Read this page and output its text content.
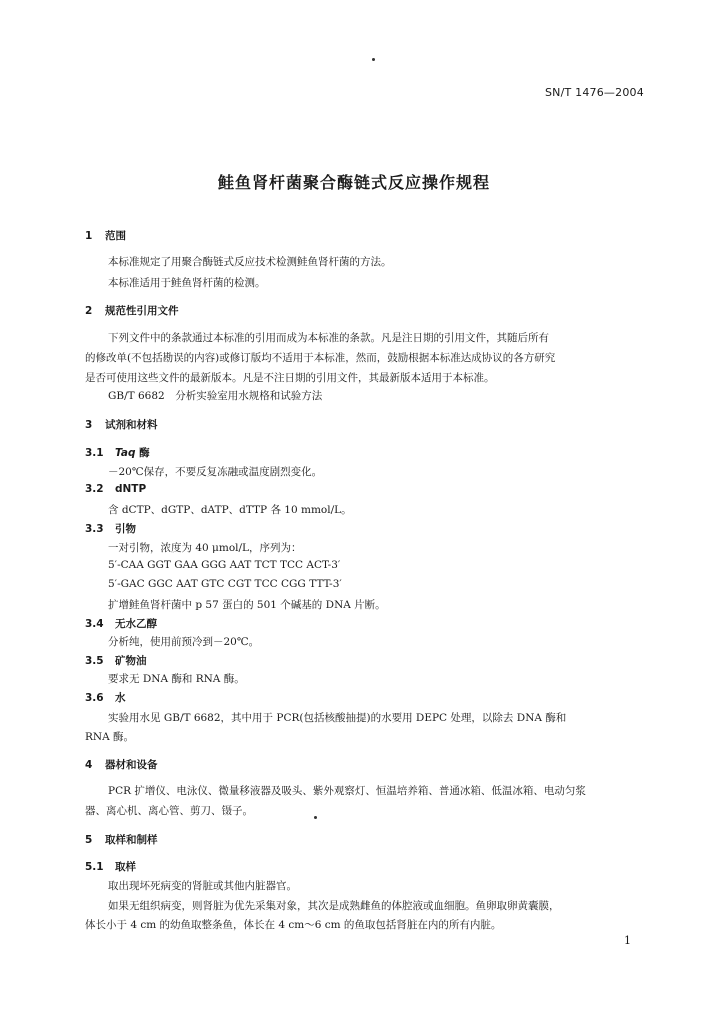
SN/T 1476—2004
鲑鱼肾杆菌聚合酶链式反应操作规程
1 范围
本标准规定了用聚合酶链式反应技术检测鲑鱼肾杆菌的方法。
本标准适用于鲑鱼肾杆菌的检测。
2 规范性引用文件
下列文件中的条款通过本标准的引用而成为本标准的条款。凡是注日期的引用文件，其随后所有
的修改单(不包括勘误的内容)或修订版均不适用于本标准，然而，鼓励根据本标准达成协议的各方研究
是否可使用这些文件的最新版本。凡是不注日期的引用文件，其最新版本适用于本标准。
GB/T 6682　分析实验室用水规格和试验方法
3 试剂和材料
3.1 Taq 酶
－20℃保存，不要反复冻融或温度剧烈变化。
3.2 dNTP
含 dCTP、dGTP、dATP、dTTP 各 10 mmol/L。
3.3 引物
一对引物，浓度为 40 μmol/L，序列为：
5′-CAA GGT GAA GGG AAT TCT TCC ACT-3′
5′-GAC GGC AAT GTC CGT TCC CGG TTT-3′
扩增鲑鱼肾杆菌中 p 57 蛋白的 501 个碱基的 DNA 片断。
3.4 无水乙醇
分析纯，使用前预冷到－20℃。
3.5 矿物油
要求无 DNA 酶和 RNA 酶。
3.6 水
实验用水见 GB/T 6682，其中用于 PCR(包括核酸抽提)的水要用 DEPC 处理，以除去 DNA 酶和
RNA 酶。
4 器材和设备
PCR 扩增仪、电泳仪、微量移液器及吸头、紫外观察灯、恒温培养箱、普通冰箱、低温冰箱、电动匀浆
器、离心机、离心管、剪刀、镊子。
5 取样和制样
5.1 取样
取出现坏死病变的肾脏或其他内脏器官。
如果无组织病变，则肾脏为优先采集对象，其次是成熟雌鱼的体腔液或血细胞。鱼卵取卵黄囊膜，
体长小于 4 cm 的幼鱼取整条鱼，体长在 4 cm～6 cm 的鱼取包括肾脏在内的所有内脏。
1
